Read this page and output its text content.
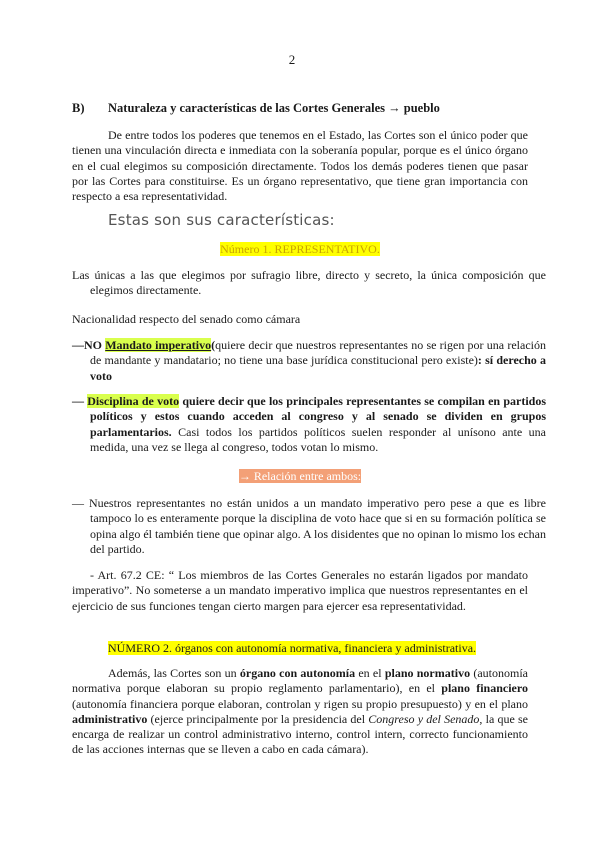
2
B) Naturaleza y características de las Cortes Generales → pueblo

De entre todos los poderes que tenemos en el Estado, las Cortes son el único poder que tienen una vinculación directa e inmediata con la soberanía popular, porque es el único órgano en el cual elegimos su composición directamente. Todos los demás poderes tienen que pasar por las Cortes para constituirse. Es un órgano representativo, que tiene gran importancia con respecto a esa representatividad.

Estas son sus características:
Número 1. REPRESENTATIVO.

Las únicas a las que elegimos por sufragio libre, directo y secreto, la única composición que elegimos directamente.

Nacionalidad respecto del senado como cámara

—NO Mandato imperativo(quiere decir que nuestros representantes no se rigen por una relación de mandante y mandatario; no tiene una base jurídica constitucional pero existe): sí derecho a voto

— Disciplina de voto quiere decir que los principales representantes se compilan en partidos políticos y estos cuando acceden al congreso y al senado se dividen en grupos parlamentarios. Casi todos los partidos políticos suelen responder al unísono ante una medida, una vez se llega al congreso, todos votan lo mismo.

→ Relación entre ambos:

— Nuestros representantes no están unidos a un mandato imperativo pero pese a que es libre tampoco lo es enteramente porque la disciplina de voto hace que si en su formación política se opina algo él también tiene que opinar algo. A los disidentes que no opinan lo mismo los echan del partido.

- Art. 67.2 CE: “ Los miembros de las Cortes Generales no estarán ligados por mandato imperativo”. No someterse a un mandato imperativo implica que nuestros representantes en el ejercicio de sus funciones tengan cierto margen para ejercer esa representatividad.

NÚMERO 2. órganos con autonomía normativa, financiera y administrativa.

Además, las Cortes son un órgano con autonomía en el plano normativo (autonomía normativa porque elaboran su propio reglamento parlamentario), en el plano financiero (autonomía financiera porque elaboran, controlan y rigen su propio presupuesto) y en el plano administrativo (ejerce principalmente por la presidencia del Congreso y del Senado, la que se encarga de realizar un control administrativo interno, control intern, correcto funcionamiento de las acciones internas que se lleven a cabo en cada cámara).
